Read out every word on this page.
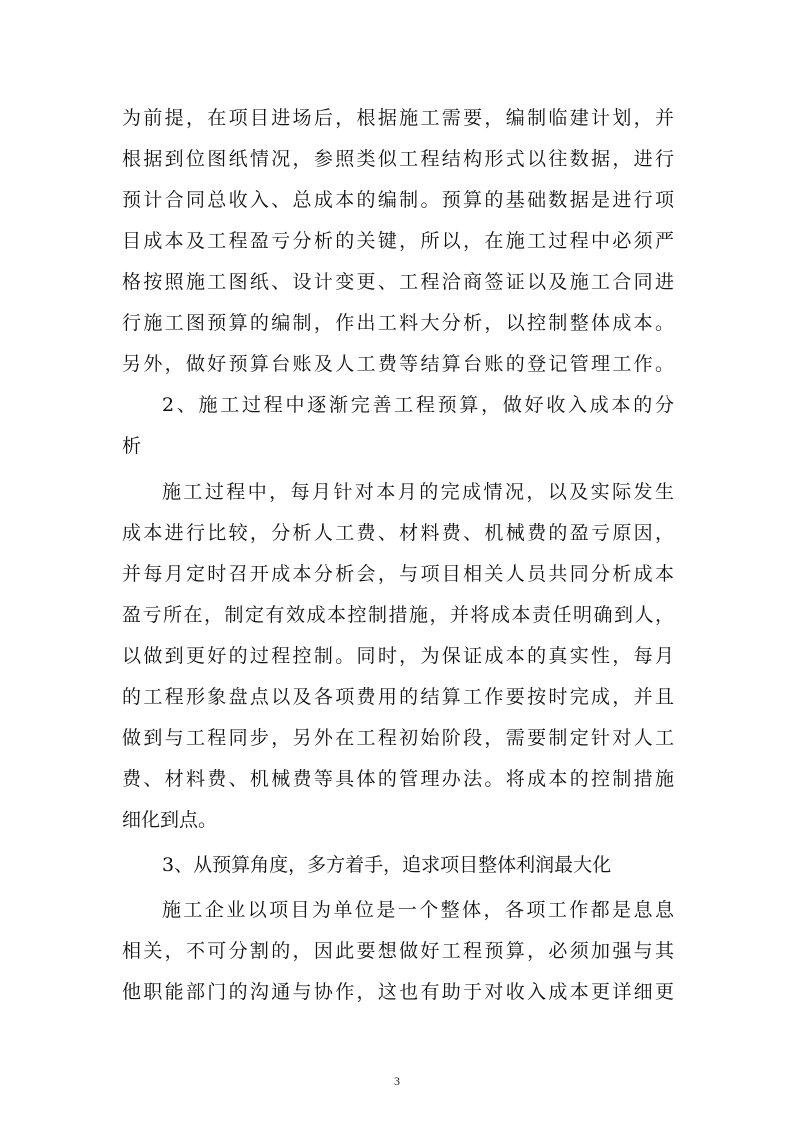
为前提，在项目进场后，根据施工需要，编制临建计划，并
根据到位图纸情况，参照类似工程结构形式以往数据，进行
预计合同总收入、总成本的编制。预算的基础数据是进行项
目成本及工程盈亏分析的关键，所以，在施工过程中必须严
格按照施工图纸、设计变更、工程洽商签证以及施工合同进
行施工图预算的编制，作出工料大分析，以控制整体成本。
另外，做好预算台账及人工费等结算台账的登记管理工作。
2、施工过程中逐渐完善工程预算，做好收入成本的分
析
施工过程中，每月针对本月的完成情况，以及实际发生
成本进行比较，分析人工费、材料费、机械费的盈亏原因，
并每月定时召开成本分析会，与项目相关人员共同分析成本
盈亏所在，制定有效成本控制措施，并将成本责任明确到人，
以做到更好的过程控制。同时，为保证成本的真实性，每月
的工程形象盘点以及各项费用的结算工作要按时完成，并且
做到与工程同步，另外在工程初始阶段，需要制定针对人工
费、材料费、机械费等具体的管理办法。将成本的控制措施
细化到点。
3、从预算角度，多方着手，追求项目整体利润最大化
施工企业以项目为单位是一个整体，各项工作都是息息
相关，不可分割的，因此要想做好工程预算，必须加强与其
他职能部门的沟通与协作，这也有助于对收入成本更详细更
3
